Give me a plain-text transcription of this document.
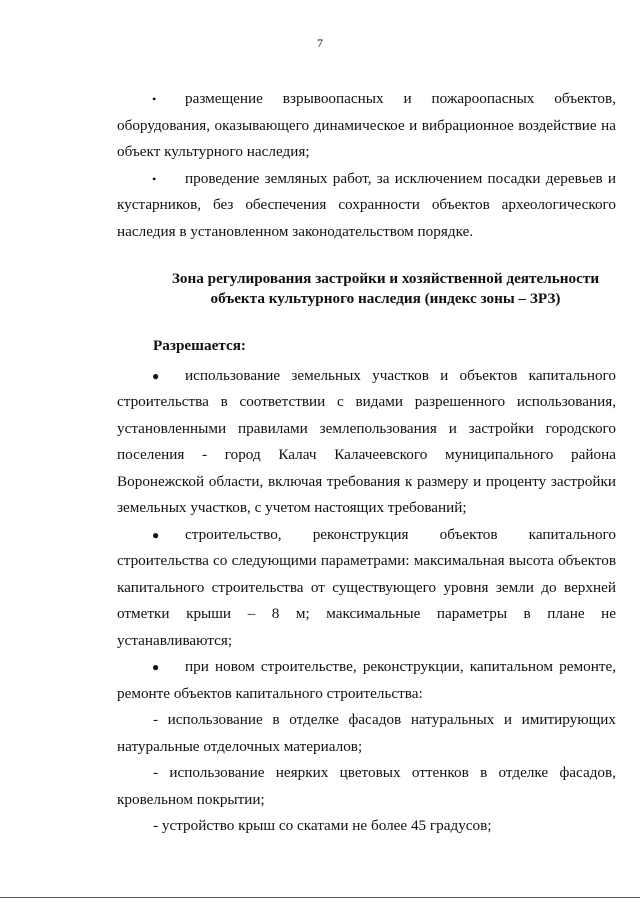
7

• размещение взрывоопасных и пожароопасных объектов, оборудования, оказывающего динамическое и вибрационное воздействие на объект культурного наследия;

• проведение земляных работ, за исключением посадки деревьев и кустарников, без обеспечения сохранности объектов археологического наследия в установленном законодательством порядке.

Зона регулирования застройки и хозяйственной деятельности
объекта культурного наследия (индекс зоны – ЗРЗ)

Разрешается:

● использование земельных участков и объектов капитального строительства в соответствии с видами разрешенного использования, установленными правилами землепользования и застройки городского поселения - город Калач Калачеевского муниципального района Воронежской области, включая требования к размеру и проценту застройки земельных участков, с учетом настоящих требований;

● строительство, реконструкция объектов капитального строительства со следующими параметрами: максимальная высота объектов капитального строительства от существующего уровня земли до верхней отметки крыши – 8 м; максимальные параметры в плане не устанавливаются;

● при новом строительстве, реконструкции, капитальном ремонте, ремонте объектов капитального строительства:

- использование в отделке фасадов натуральных и имитирующих натуральные отделочных материалов;

- использование неярких цветовых оттенков в отделке фасадов, кровельном покрытии;

- устройство крыш со скатами не более 45 градусов;
